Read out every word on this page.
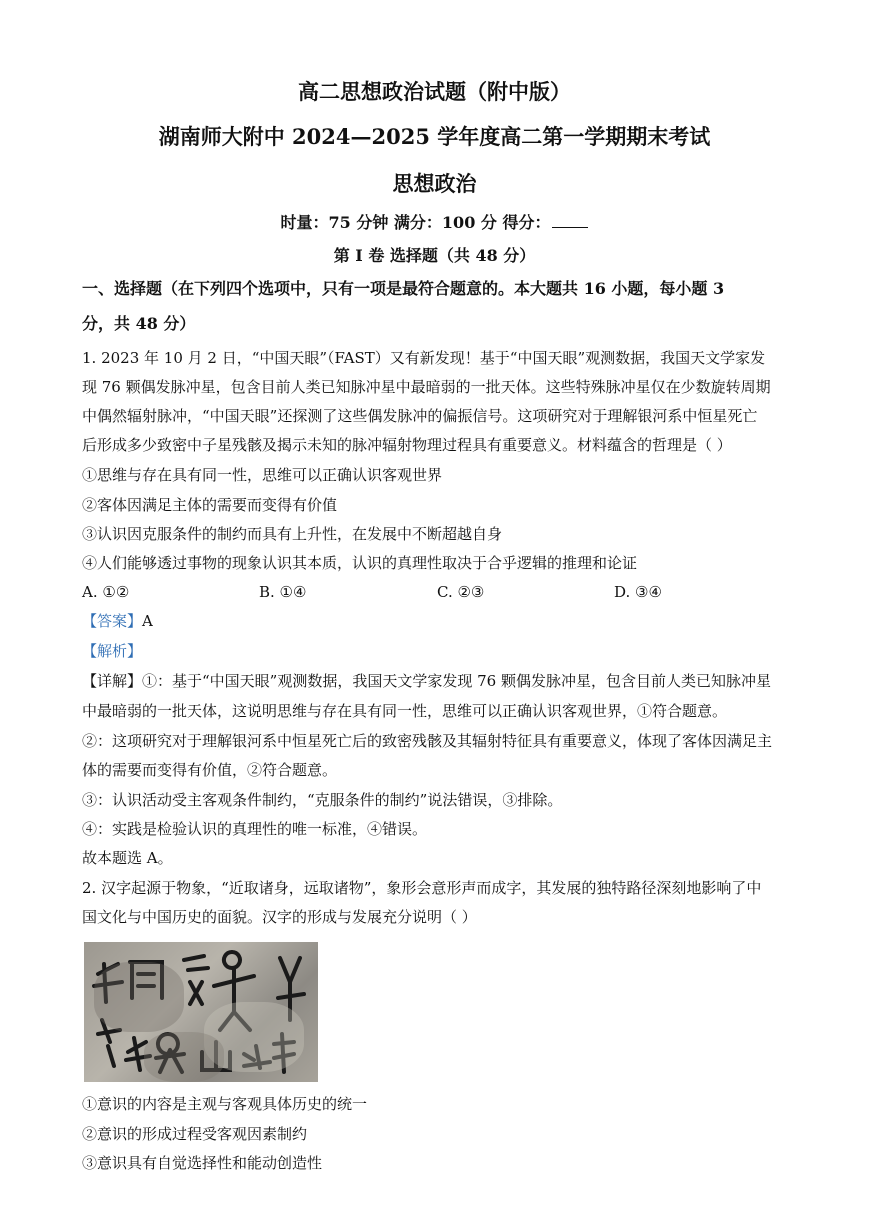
高二思想政治试题（附中版）
湖南师大附中 2024—2025 学年度高二第一学期期末考试
思想政治
时量：75 分钟 满分：100 分 得分：
第 I 卷 选择题（共 48 分）
一、选择题（在下列四个选项中，只有一项是最符合题意的。本大题共 16 小题，每小题 3
分，共 48 分）
1. 2023 年 10 月 2 日，“中国天眼”（FAST）又有新发现！基于“中国天眼”观测数据，我国天文学家发
现 76 颗偶发脉冲星，包含目前人类已知脉冲星中最暗弱的一批天体。这些特殊脉冲星仅在少数旋转周期
中偶然辐射脉冲，“中国天眼”还探测了这些偶发脉冲的偏振信号。这项研究对于理解银河系中恒星死亡
后形成多少致密中子星残骸及揭示未知的脉冲辐射物理过程具有重要意义。材料蕴含的哲理是（ ）
①思维与存在具有同一性，思维可以正确认识客观世界
②客体因满足主体的需要而变得有价值
③认识因克服条件的制约而具有上升性，在发展中不断超越自身
④人们能够透过事物的现象认识其本质，认识的真理性取决于合乎逻辑的推理和论证
A. ①②	B. ①④	C. ②③	D. ③④
【答案】A
【解析】
【详解】①：基于“中国天眼”观测数据，我国天文学家发现 76 颗偶发脉冲星，包含目前人类已知脉冲星
中最暗弱的一批天体，这说明思维与存在具有同一性，思维可以正确认识客观世界，①符合题意。
②：这项研究对于理解银河系中恒星死亡后的致密残骸及其辐射特征具有重要意义，体现了客体因满足主
体的需要而变得有价值，②符合题意。
③：认识活动受主客观条件制约，“克服条件的制约”说法错误，③排除。
④：实践是检验认识的真理性的唯一标准，④错误。
故本题选 A。
2. 汉字起源于物象，“近取诸身，远取诸物”，象形会意形声而成字，其发展的独特路径深刻地影响了中
国文化与中国历史的面貌。汉字的形成与发展充分说明（ ）
①意识的内容是主观与客观具体历史的统一
②意识的形成过程受客观因素制约
③意识具有自觉选择性和能动创造性
